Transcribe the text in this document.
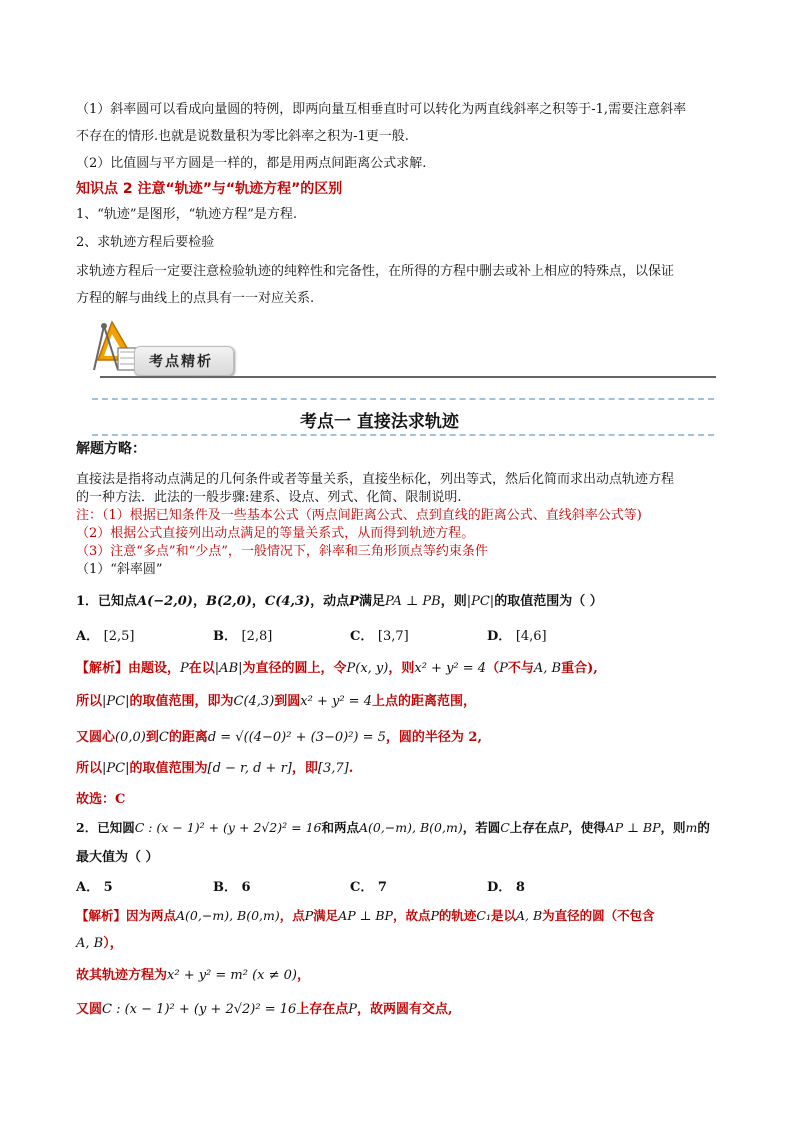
（1）斜率圆可以看成向量圆的特例，即两向量互相垂直时可以转化为两直线斜率之积等于-1,需要注意斜率
不存在的情形.也就是说数量积为零比斜率之积为-1更一般.
（2）比值圆与平方圆是一样的，都是用两点间距离公式求解.
知识点 2 注意“轨迹”与“轨迹方程”的区别
1、“轨迹”是图形，“轨迹方程”是方程.
2、求轨迹方程后要检验
求轨迹方程后一定要注意检验轨迹的纯粹性和完备性，在所得的方程中删去或补上相应的特殊点，以保证
方程的解与曲线上的点具有一一对应关系.
考点精析
考点一 直接法求轨迹
解题方略：
直接法是指将动点满足的几何条件或者等量关系，直接坐标化，列出等式，然后化简而求出动点轨迹方程
的一种方法．此法的一般步骤:建系、设点、列式、化简、限制说明.
注：（1）根据已知条件及一些基本公式（两点间距离公式、点到直线的距离公式、直线斜率公式等)
（2）根据公式直接列出动点满足的等量关系式，从而得到轨迹方程。
（3）注意“多点”和“少点”，一般情况下，斜率和三角形顶点等约束条件
（1）“斜率圆”
1．已知点A(−2,0)，B(2,0)，C(4,3)，动点P满足PA ⊥ PB，则|PC|的取值范围为（ ）
A． [2,5]	B． [2,8]	C． [3,7]	D． [4,6]
【解析】由题设，P在以|AB|为直径的圆上，令P(x, y)，则x² + y² = 4（P不与A, B重合),
所以|PC|的取值范围，即为C(4,3)到圆x² + y² = 4上点的距离范围，
又圆心(0,0)到C的距离d = √((4−0)² + (3−0)²) = 5，圆的半径为 2,
所以|PC|的取值范围为[d − r, d + r]，即[3,7].
故选：C
2．已知圆C : (x − 1)² + (y + 2√2)² = 16和两点A(0,−m), B(0,m)，若圆C上存在点P，使得AP ⊥ BP，则m的
最大值为（ ）
A． 5	B． 6	C． 7	D． 8
【解析】因为两点A(0,−m), B(0,m)，点P满足AP ⊥ BP，故点P的轨迹C₁是以A, B为直径的圆（不包含
A, B），
故其轨迹方程为x² + y² = m² (x ≠ 0)，
又圆C : (x − 1)² + (y + 2√2)² = 16上存在点P，故两圆有交点,
